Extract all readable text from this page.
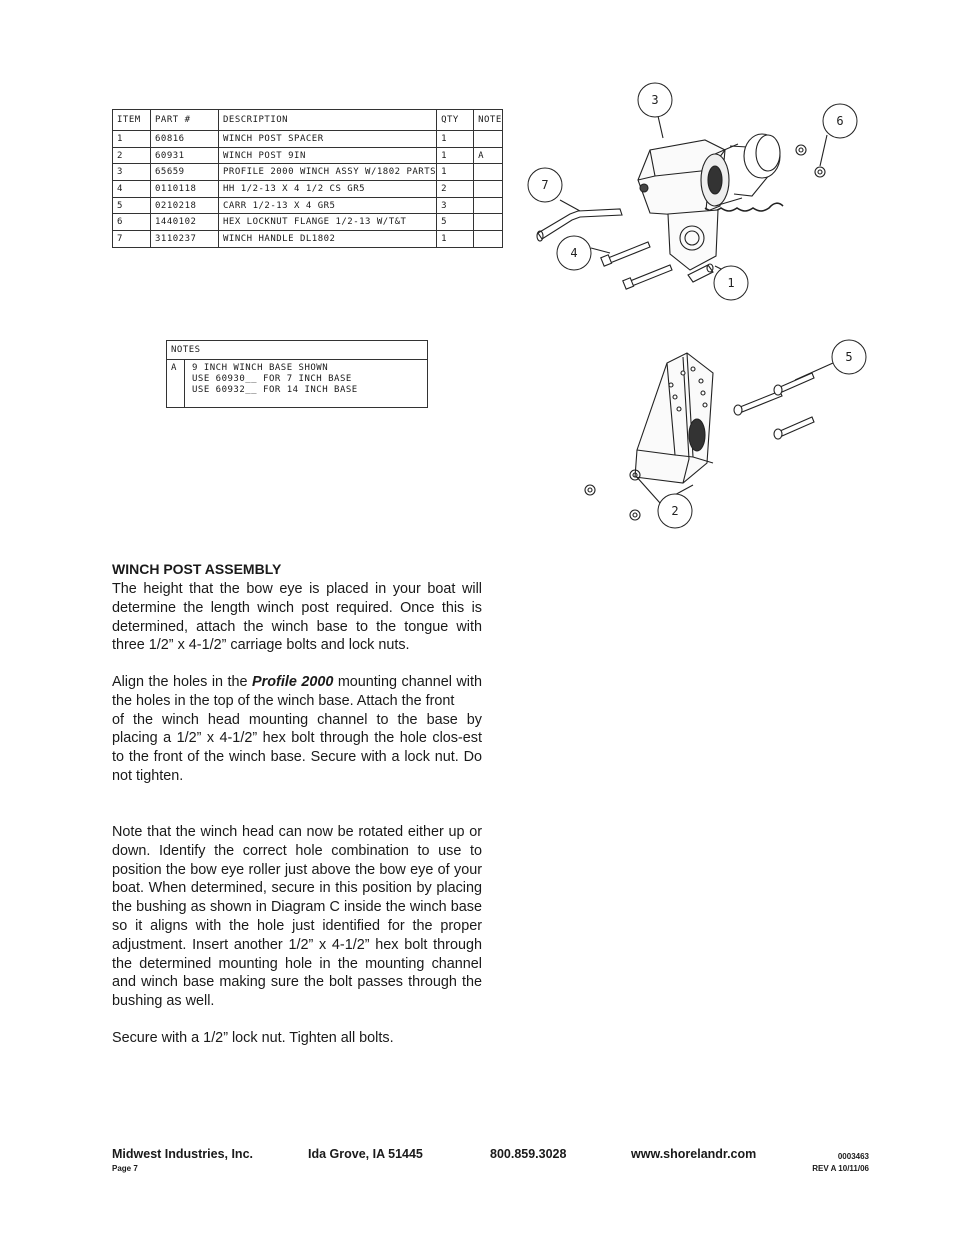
ITEM	PART #	DESCRIPTION	QTY	NOTE
1	60816	WINCH POST SPACER	1	
2	60931	WINCH POST 9IN	1	A
3	65659	PROFILE 2000 WINCH ASSY W/1802 PARTS	1	
4	0110118	HH 1/2-13 X 4 1/2 CS GR5	2	
5	0210218	CARR 1/2-13 X 4 GR5	3	
6	1440102	HEX LOCKNUT FLANGE 1/2-13 W/T&T	5	
7	3110237	WINCH HANDLE DL1802	1	
NOTES
A	9 INCH WINCH BASE SHOWN
USE 60930__ FOR 7 INCH BASE
USE 60932__ FOR 14 INCH BASE
3
6
7
4
1
5
2
WINCH POST ASSEMBLY

The height that the bow eye is placed in your boat will determine the length winch post required. Once this is determined, attach the winch base to the tongue with three 1/2” x 4-1/2” carriage bolts and lock nuts.

Align the holes in the Profile 2000 mounting channel with the holes in the top of the winch base. Attach the front
of the winch head mounting channel to the base by placing a 1/2” x 4-1/2” hex bolt through the hole clos-est to the front of the winch base. Secure with a lock nut. Do not tighten.

Note that the winch head can now be rotated either up or down. Identify the correct hole combination to use to position the bow eye roller just above the bow eye of your boat. When determined, secure in this position by placing the bushing as shown in Diagram C inside the winch base so it aligns with the hole just identified for the proper adjustment. Insert another 1/2” x 4-1/2” hex bolt through the determined mounting hole in the mounting channel and winch base making sure the bolt passes through the bushing as well.

Secure with a 1/2” lock nut. Tighten all bolts.

Midwest Industries, Inc.	Ida Grove, IA 51445	800.859.3028	www.shorelandr.com
Page 7
0003463
REV A 10/11/06
